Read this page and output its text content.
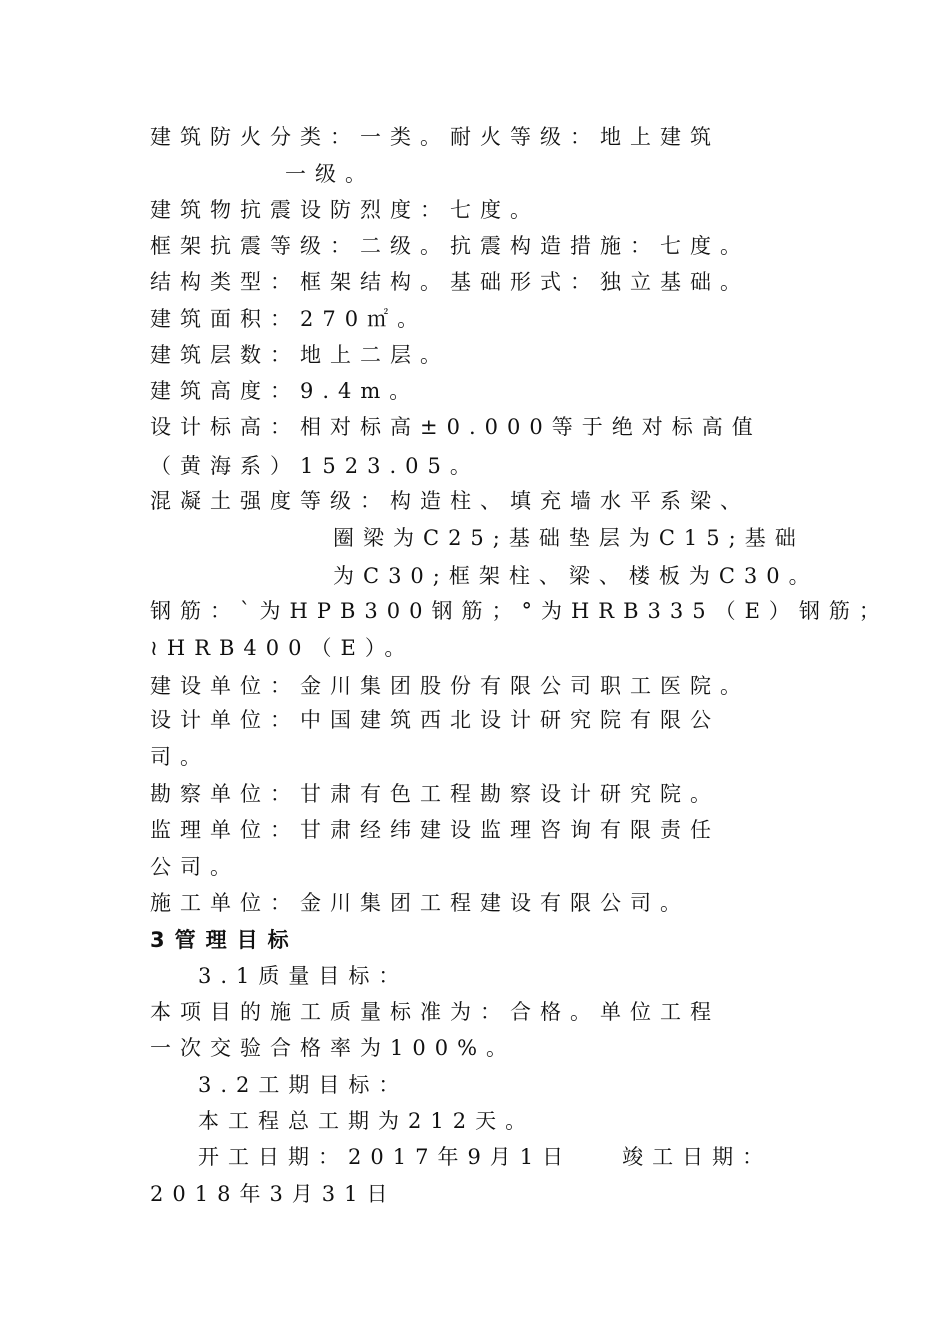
建筑防火分类：一类。耐火等级：地上建筑
一级。
建筑物抗震设防烈度：七度。
框架抗震等级：二级。抗震构造措施：七度。
结构类型：框架结构。基础形式：独立基础。
建筑面积：270㎡。
建筑层数：地上二层。
建筑高度：9.4m。
设计标高：相对标高±0.000等于绝对标高值
（黄海系）1523.05。
混凝土强度等级：构造柱、填充墙水平系梁、
圈梁为C25;基础垫层为C15;基础
为C30;框架柱、梁、楼板为C30。
钢筋：`为HPB300钢筋；°为HRB335（E）钢筋；
≀HRB400（E）。
建设单位：金川集团股份有限公司职工医院。
设计单位：中国建筑西北设计研究院有限公
司。
勘察单位：甘肃有色工程勘察设计研究院。
监理单位：甘肃经纬建设监理咨询有限责任
公司。
施工单位：金川集团工程建设有限公司。
3管理目标
3.1质量目标：
本项目的施工质量标准为：合格。单位工程
一次交验合格率为100%。
3.2工期目标：
本工程总工期为212天。
开工日期：2017年9月1日 竣工日期：
2018年3月31日
